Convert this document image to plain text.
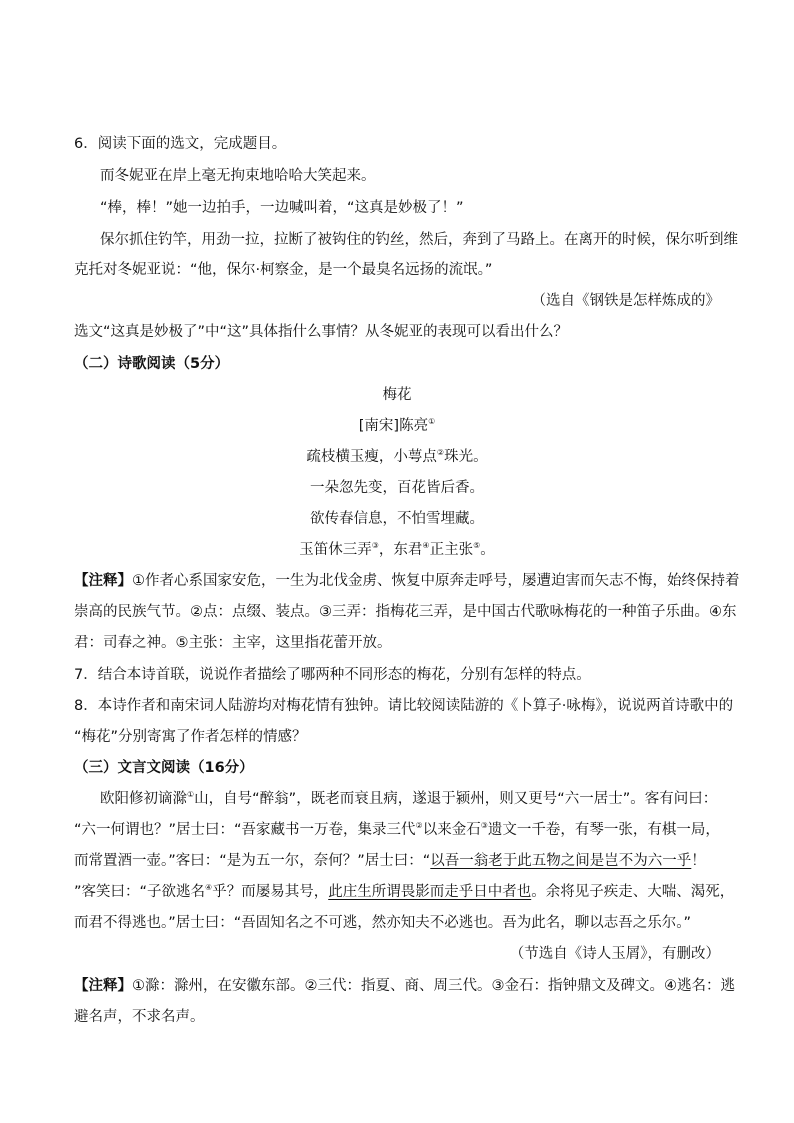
6．阅读下面的选文，完成题目。
而冬妮亚在岸上毫无拘束地哈哈大笑起来。
“棒，棒！”她一边拍手，一边喊叫着，“这真是妙极了！”
保尔抓住钓竿，用劲一拉，拉断了被钩住的钓丝，然后，奔到了马路上。在离开的时候，保尔听到维
克托对冬妮亚说：“他，保尔·柯察金，是一个最臭名远扬的流氓。”
（选自《钢铁是怎样炼成的》
选文“这真是妙极了”中“这”具体指什么事情？从冬妮亚的表现可以看出什么？
（二）诗歌阅读（5分）
梅花
[南宋]陈亮①
疏枝横玉瘦，小萼点②珠光。
一朵忽先变，百花皆后香。
欲传春信息，不怕雪埋藏。
玉笛休三弄③，东君④正主张⑤。
【注释】①作者心系国家安危，一生为北伐金虏、恢复中原奔走呼号，屡遭迫害而矢志不悔，始终保持着
崇高的民族气节。②点：点缀、装点。③三弄：指梅花三弄，是中国古代歌咏梅花的一种笛子乐曲。④东
君：司春之神。⑤主张：主宰，这里指花蕾开放。
7．结合本诗首联，说说作者描绘了哪两种不同形态的梅花，分别有怎样的特点。
8．本诗作者和南宋词人陆游均对梅花情有独钟。请比较阅读陆游的《卜算子·咏梅》，说说两首诗歌中的
“梅花”分别寄寓了作者怎样的情感？
（三）文言文阅读（16分）
欧阳修初谪滁①山，自号“醉翁”，既老而衰且病，遂退于颍州，则又更号“六一居士”。客有问曰：
“六一何谓也？”居士曰：“吾家藏书一万卷，集录三代②以来金石③遗文一千卷，有琴一张，有棋一局，
而常置酒一壶。”客曰：“是为五一尔，奈何？”居士曰：“以吾一翁老于此五物之间是岂不为六一乎！
”客笑曰：“子欲逃名④乎？而屡易其号，此庄生所谓畏影而走乎日中者也。余将见子疾走、大喘、渴死，
而君不得逃也。”居士曰：“吾固知名之不可逃，然亦知夫不必逃也。吾为此名，聊以志吾之乐尔。”
（节选自《诗人玉屑》，有删改）
【注释】①滁：滁州，在安徽东部。②三代：指夏、商、周三代。③金石：指钟鼎文及碑文。④逃名：逃
避名声，不求名声。
